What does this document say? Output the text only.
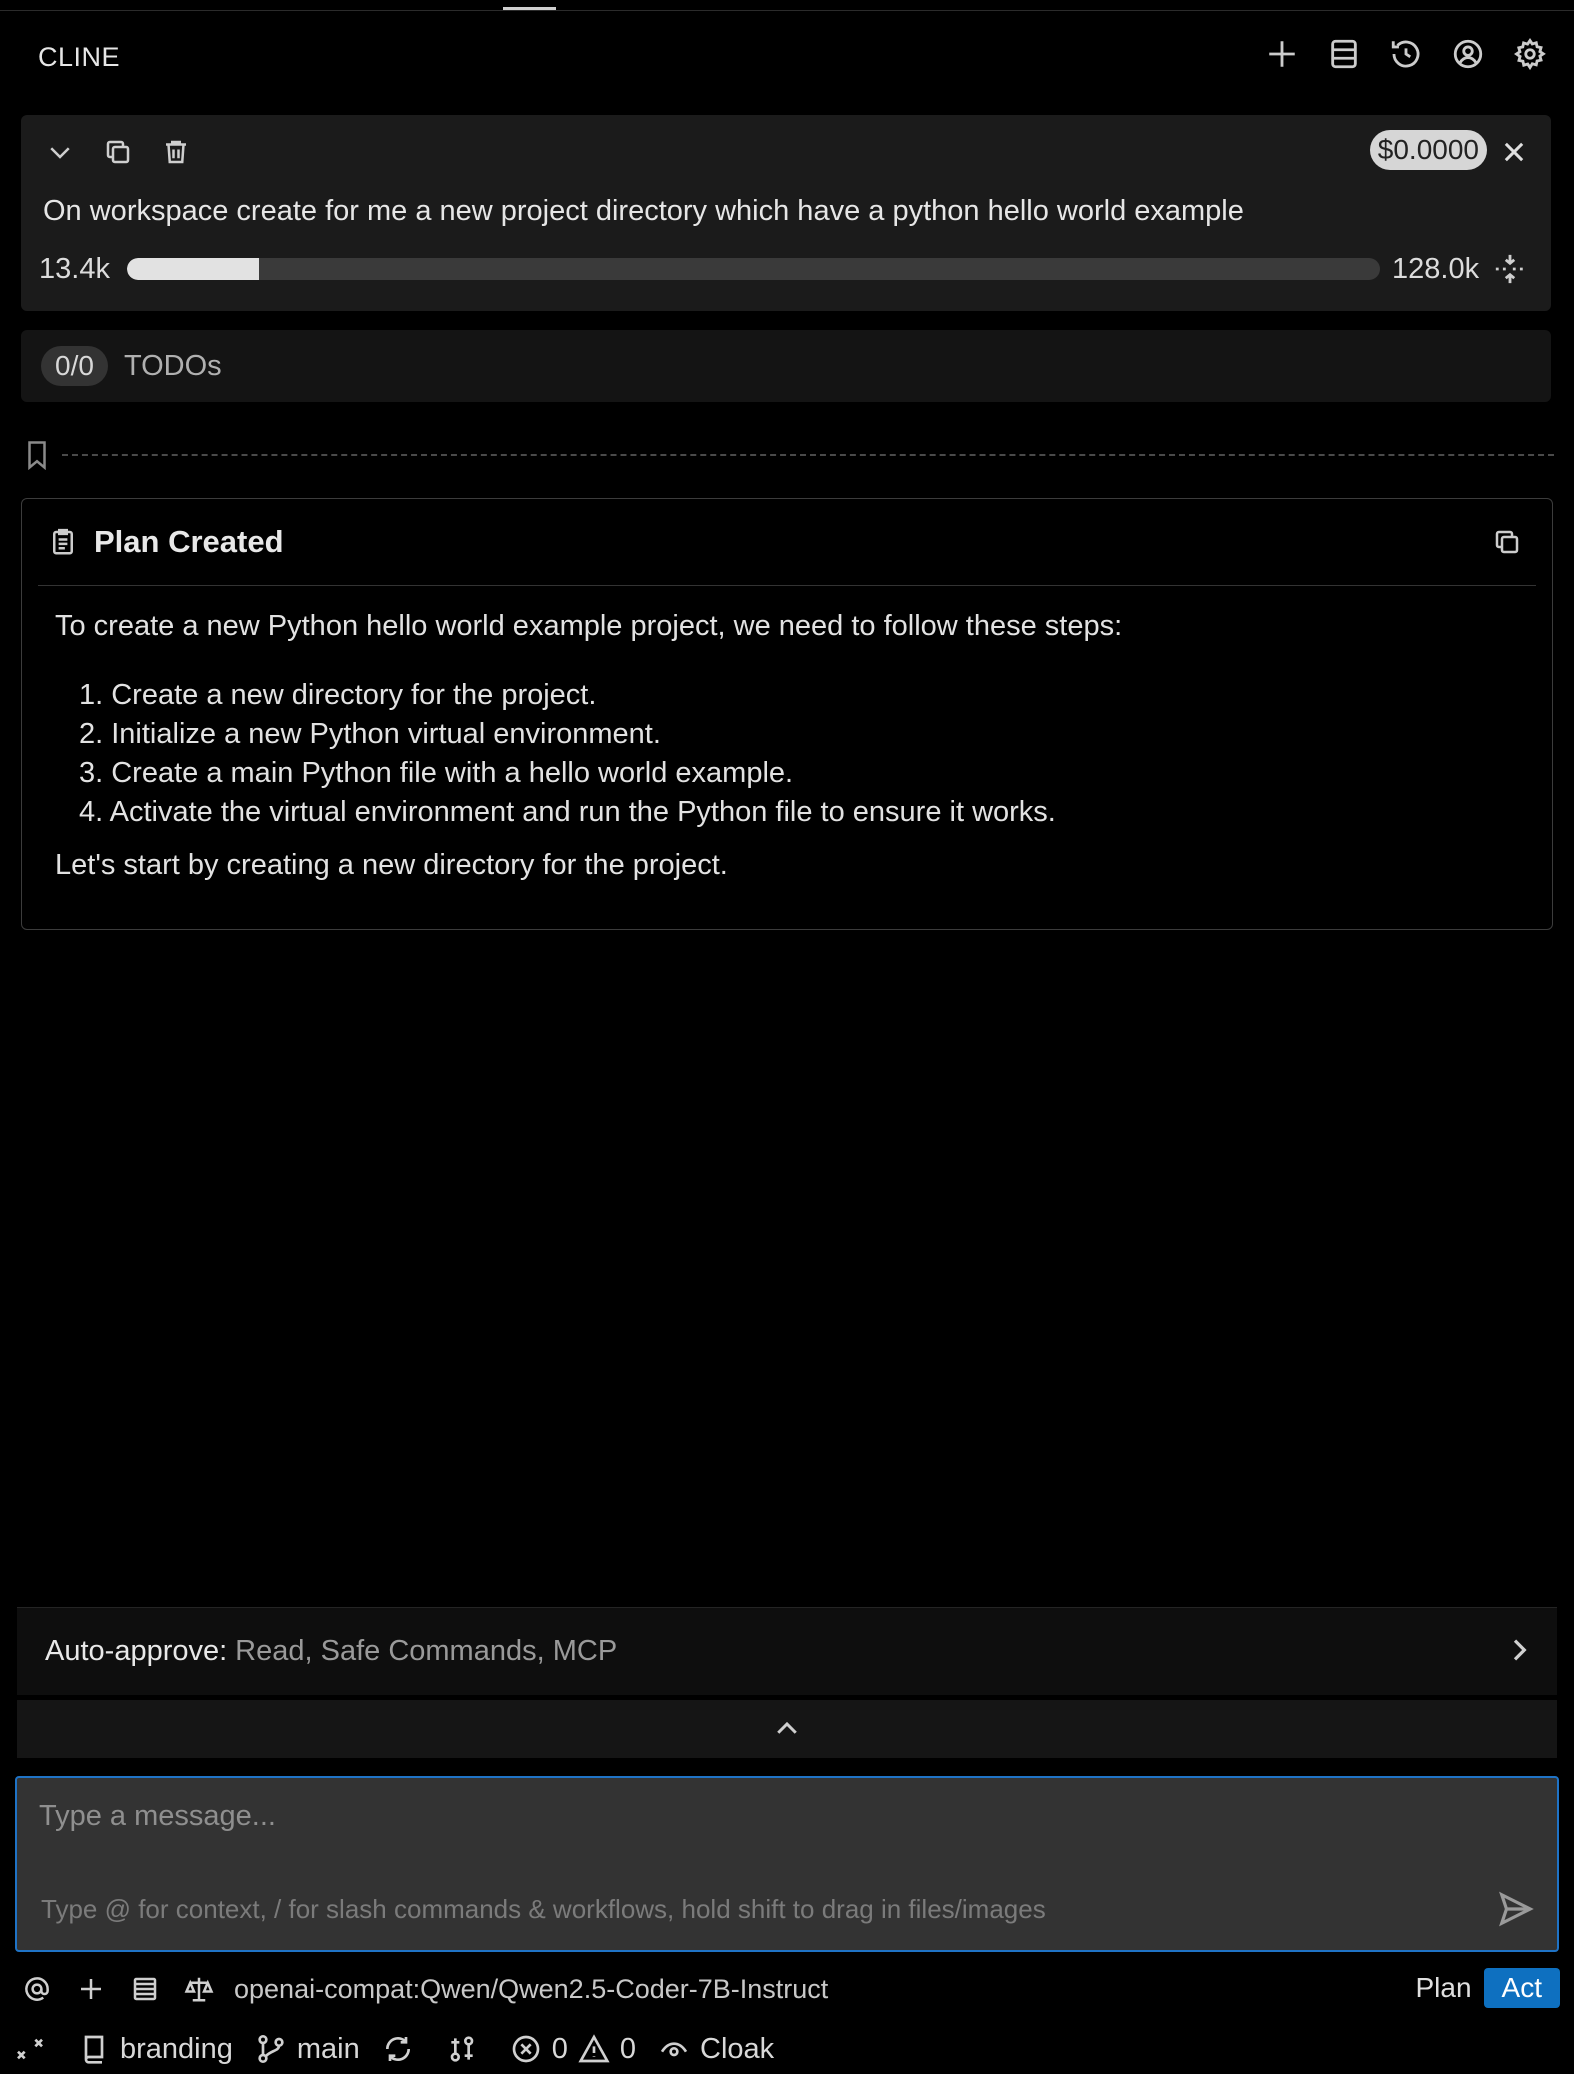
CLINE
$0.0000
On workspace create for me a new project directory which have a python hello world example
13.4k	128.0k
0/0	TODOs
Plan Created

To create a new Python hello world example project, we need to follow these steps:

1. Create a new directory for the project.
2. Initialize a new Python virtual environment.
3. Create a main Python file with a hello world example.
4. Activate the virtual environment and run the Python file to ensure it works.

Let's start by creating a new directory for the project.

Auto-approve: Read, Safe Commands, MCP
Type a message...
Type @ for context, / for slash commands & workflows, hold shift to drag in files/images
openai-compat:Qwen/Qwen2.5-Coder-7B-Instruct	Plan	Act
branding main	0 0 Cloak
